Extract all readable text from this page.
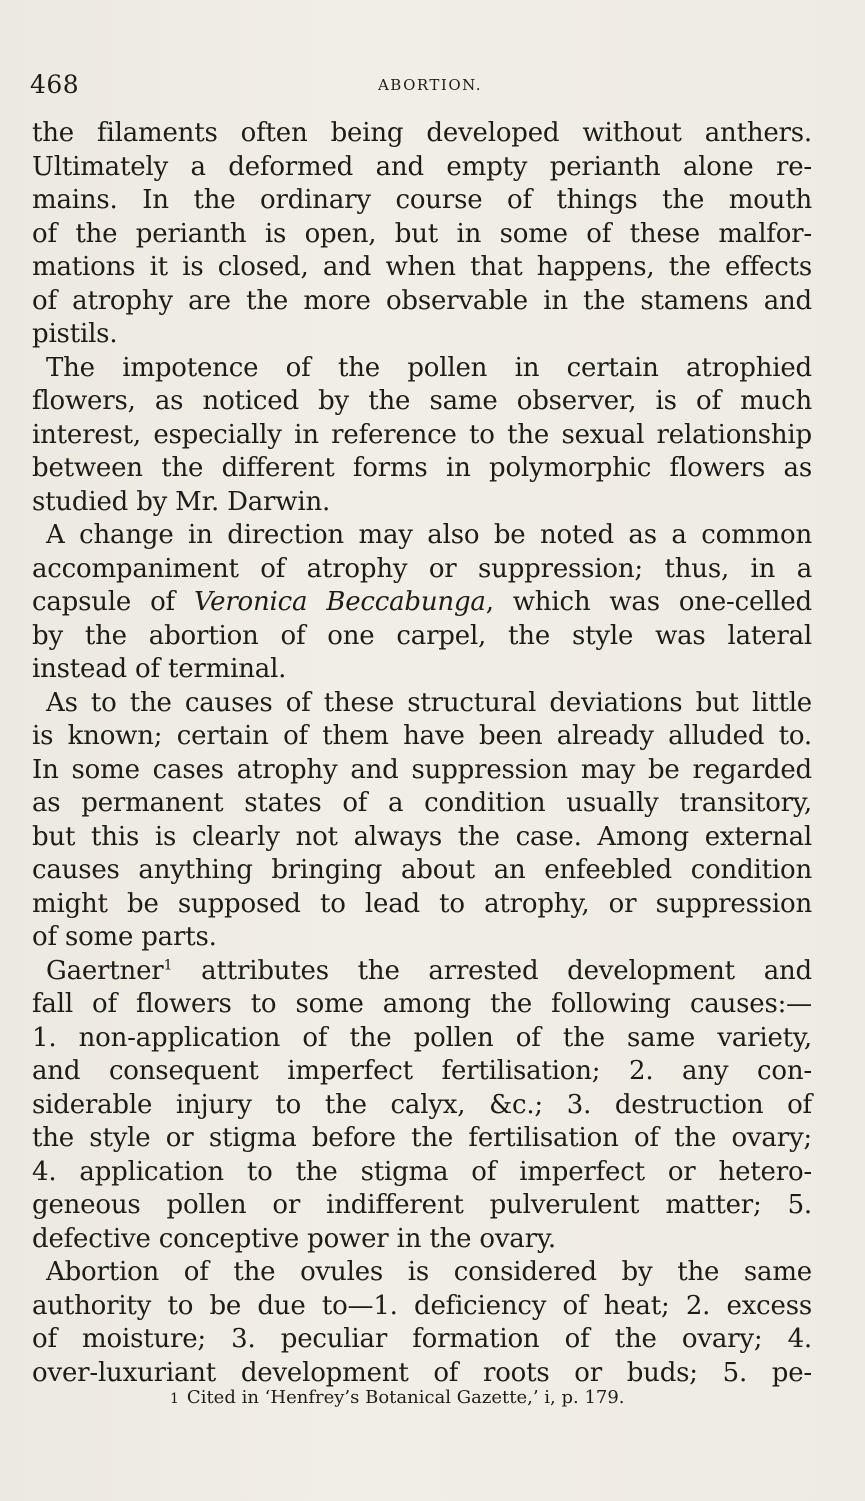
468	ABORTION.
the filaments often being developed without anthers.
Ultimately a deformed and empty perianth alone re-
mains. In the ordinary course of things the mouth
of the perianth is open, but in some of these malfor-
mations it is closed, and when that happens, the effects
of atrophy are the more observable in the stamens and
pistils.
The impotence of the pollen in certain atrophied
flowers, as noticed by the same observer, is of much
interest, especially in reference to the sexual relationship
between the different forms in polymorphic flowers as
studied by Mr. Darwin.
A change in direction may also be noted as a common
accompaniment of atrophy or suppression; thus, in a
capsule of Veronica Beccabunga, which was one-celled
by the abortion of one carpel, the style was lateral
instead of terminal.
As to the causes of these structural deviations but little
is known; certain of them have been already alluded to.
In some cases atrophy and suppression may be regarded
as permanent states of a condition usually transitory,
but this is clearly not always the case. Among external
causes anything bringing about an enfeebled condition
might be supposed to lead to atrophy, or suppression
of some parts.
Gaertner$^1$ attributes the arrested development and
fall of flowers to some among the following causes:—
1. non-application of the pollen of the same variety,
and consequent imperfect fertilisation; 2. any con-
siderable injury to the calyx, &c.; 3. destruction of
the style or stigma before the fertilisation of the ovary;
4. application to the stigma of imperfect or hetero-
geneous pollen or indifferent pulverulent matter; 5.
defective conceptive power in the ovary.
Abortion of the ovules is considered by the same
authority to be due to—1. deficiency of heat; 2. excess
of moisture; 3. peculiar formation of the ovary; 4.
over-luxuriant development of roots or buds; 5. pe-
1 Cited in ‘Henfrey’s Botanical Gazette,’ i, p. 179.
